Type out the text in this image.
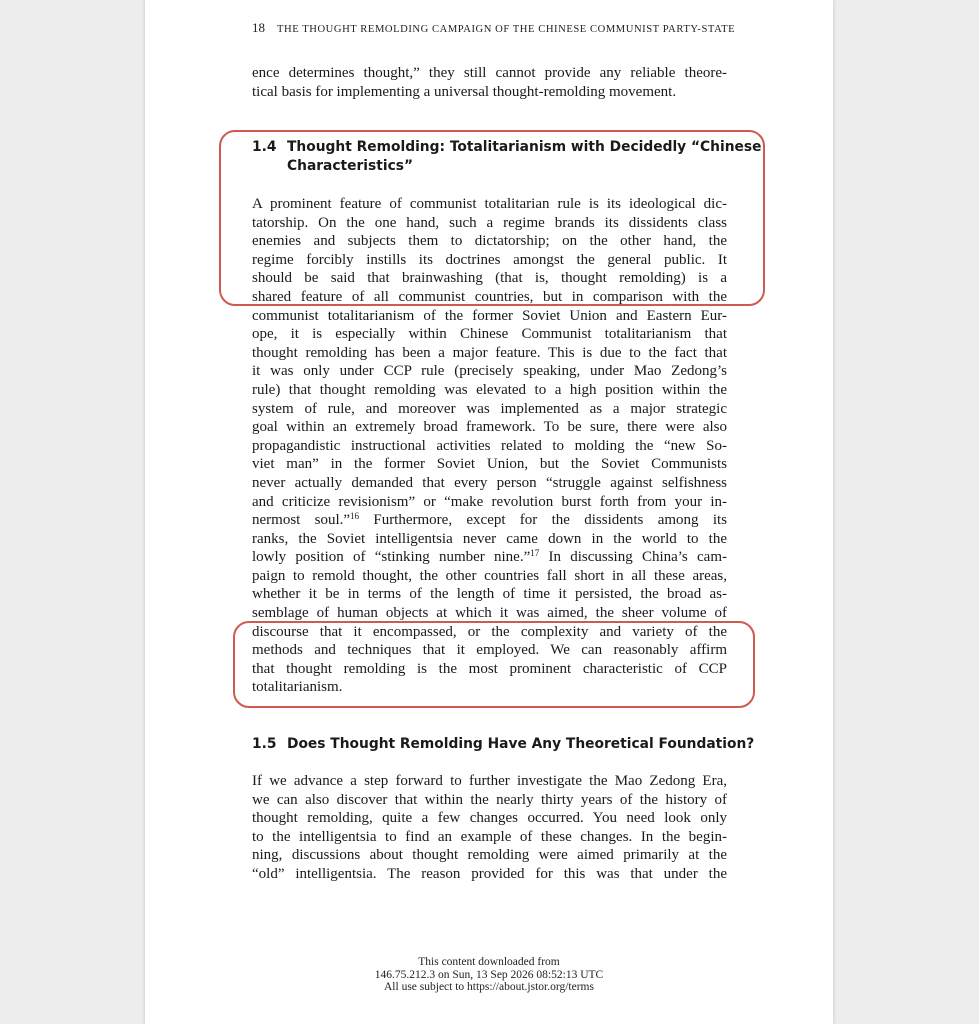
18 THE THOUGHT REMOLDING CAMPAIGN OF THE CHINESE COMMUNIST PARTY-STATE
ence determines thought,” they still cannot provide any reliable theore-
tical basis for implementing a universal thought-remolding movement.
1.4 Thought Remolding: Totalitarianism with Decidedly “Chinese
Characteristics”
A prominent feature of communist totalitarian rule is its ideological dic-
tatorship. On the one hand, such a regime brands its dissidents class
enemies and subjects them to dictatorship; on the other hand, the
regime forcibly instills its doctrines amongst the general public. It
should be said that brainwashing (that is, thought remolding) is a
shared feature of all communist countries, but in comparison with the
communist totalitarianism of the former Soviet Union and Eastern Eur-
ope, it is especially within Chinese Communist totalitarianism that
thought remolding has been a major feature. This is due to the fact that
it was only under CCP rule (precisely speaking, under Mao Zedong’s
rule) that thought remolding was elevated to a high position within the
system of rule, and moreover was implemented as a major strategic
goal within an extremely broad framework. To be sure, there were also
propagandistic instructional activities related to molding the “new So-
viet man” in the former Soviet Union, but the Soviet Communists
never actually demanded that every person “struggle against selfishness
and criticize revisionism” or “make revolution burst forth from your in-
nermost soul.”$^{16}$ Furthermore, except for the dissidents among its
ranks, the Soviet intelligentsia never came down in the world to the
lowly position of “stinking number nine.”$^{17}$ In discussing China’s cam-
paign to remold thought, the other countries fall short in all these areas,
whether it be in terms of the length of time it persisted, the broad as-
semblage of human objects at which it was aimed, the sheer volume of
discourse that it encompassed, or the complexity and variety of the
methods and techniques that it employed. We can reasonably affirm
that thought remolding is the most prominent characteristic of CCP
totalitarianism.
1.5 Does Thought Remolding Have Any Theoretical Foundation?
If we advance a step forward to further investigate the Mao Zedong Era,
we can also discover that within the nearly thirty years of the history of
thought remolding, quite a few changes occurred. You need look only
to the intelligentsia to find an example of these changes. In the begin-
ning, discussions about thought remolding were aimed primarily at the
“old” intelligentsia. The reason provided for this was that under the
This content downloaded from
146.75.212.3 on Sun, 13 Sep 2026 08:52:13 UTC
All use subject to https://about.jstor.org/terms
